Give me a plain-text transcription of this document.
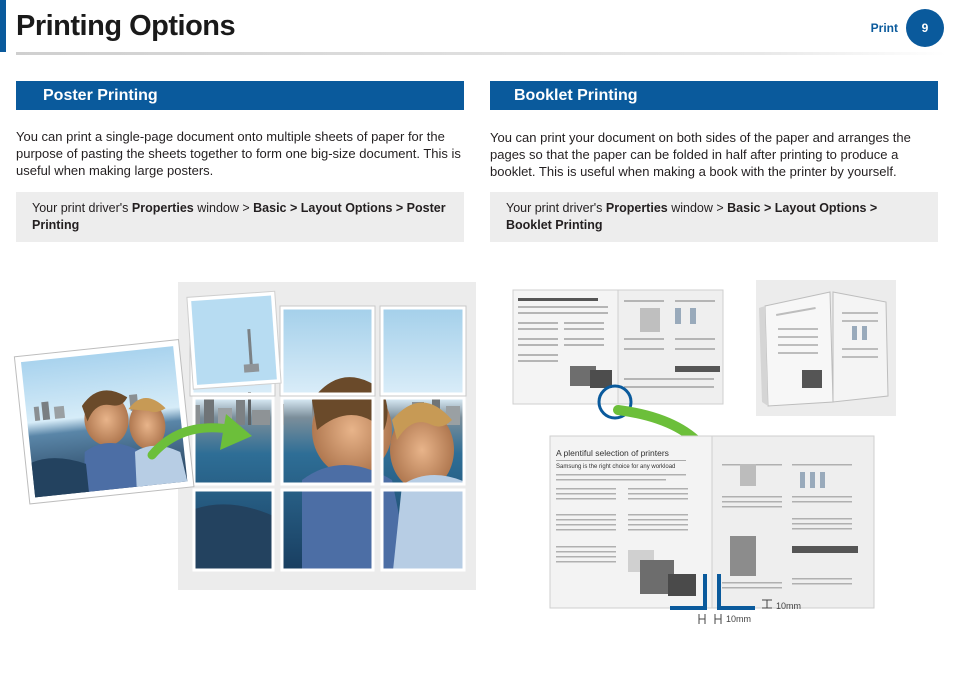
Printing Options	Print	9
Poster Printing
You can print a single-page document onto multiple sheets of paper for the purpose of pasting the sheets together to form one big-size document. This is useful when making large posters.
Your print driver's Properties window > Basic > Layout Options > Poster Printing
Booklet Printing
You can print your document on both sides of the paper and arranges the pages so that the paper can be folded in half after printing to produce a booklet. This is useful when making a book with the printer by yourself.
Your print driver's Properties window > Basic > Layout Options > Booklet Printing
A plentiful selection of printers
Samsung is the right choice for any workload
10mm
10mm
